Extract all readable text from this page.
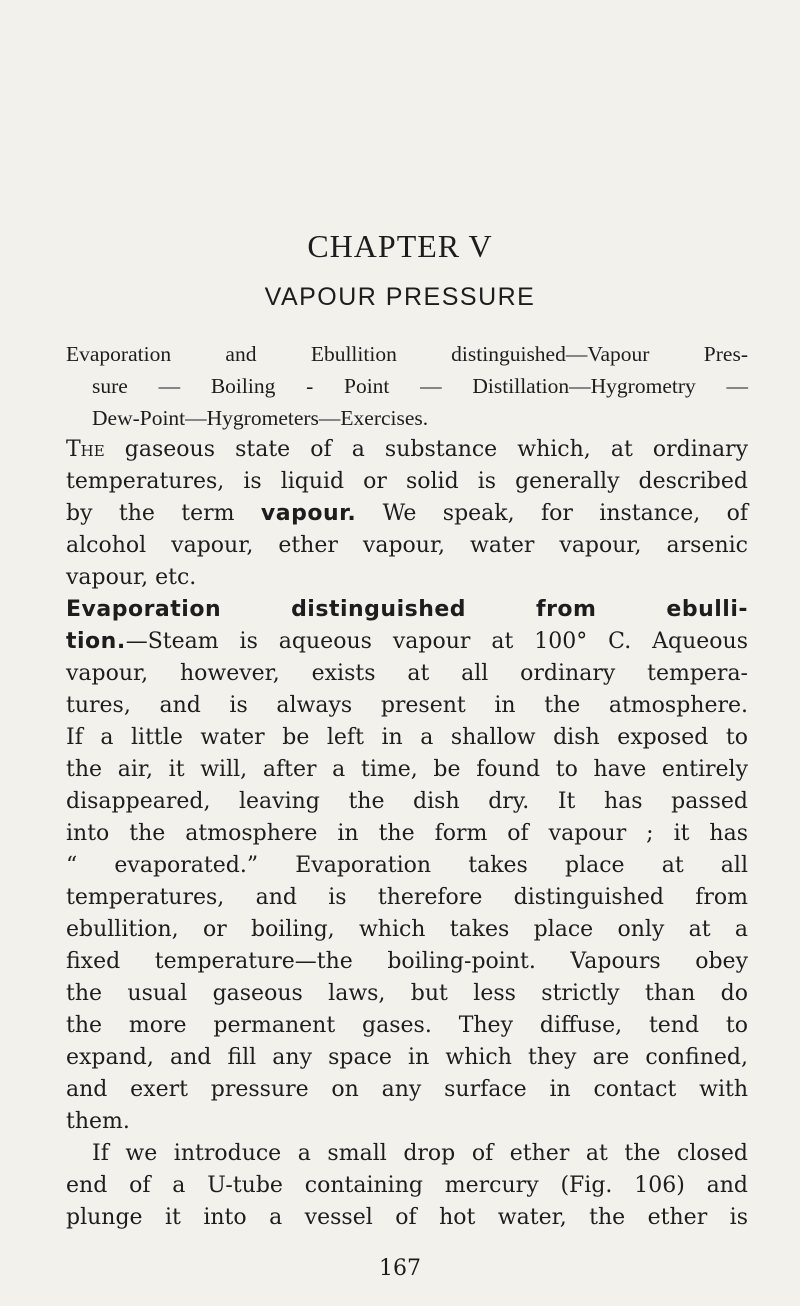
CHAPTER V
VAPOUR PRESSURE
Evaporation and Ebullition distinguished—Vapour Pres-
sure — Boiling - Point — Distillation—Hygrometry —
Dew-Point—Hygrometers—Exercises.
The gaseous state of a substance which, at ordinary
temperatures, is liquid or solid is generally described
by the term vapour. We speak, for instance, of
alcohol vapour, ether vapour, water vapour, arsenic
vapour, etc.
Evaporation distinguished from ebulli-
tion.—Steam is aqueous vapour at 100° C. Aqueous
vapour, however, exists at all ordinary tempera-
tures, and is always present in the atmosphere.
If a little water be left in a shallow dish exposed to
the air, it will, after a time, be found to have entirely
disappeared, leaving the dish dry. It has passed
into the atmosphere in the form of vapour ; it has
“ evaporated.” Evaporation takes place at all
temperatures, and is therefore distinguished from
ebullition, or boiling, which takes place only at a
fixed temperature—the boiling-point. Vapours obey
the usual gaseous laws, but less strictly than do
the more permanent gases. They diffuse, tend to
expand, and fill any space in which they are confined,
and exert pressure on any surface in contact with
them.
If we introduce a small drop of ether at the closed
end of a U-tube containing mercury (Fig. 106) and
plunge it into a vessel of hot water, the ether is
167
